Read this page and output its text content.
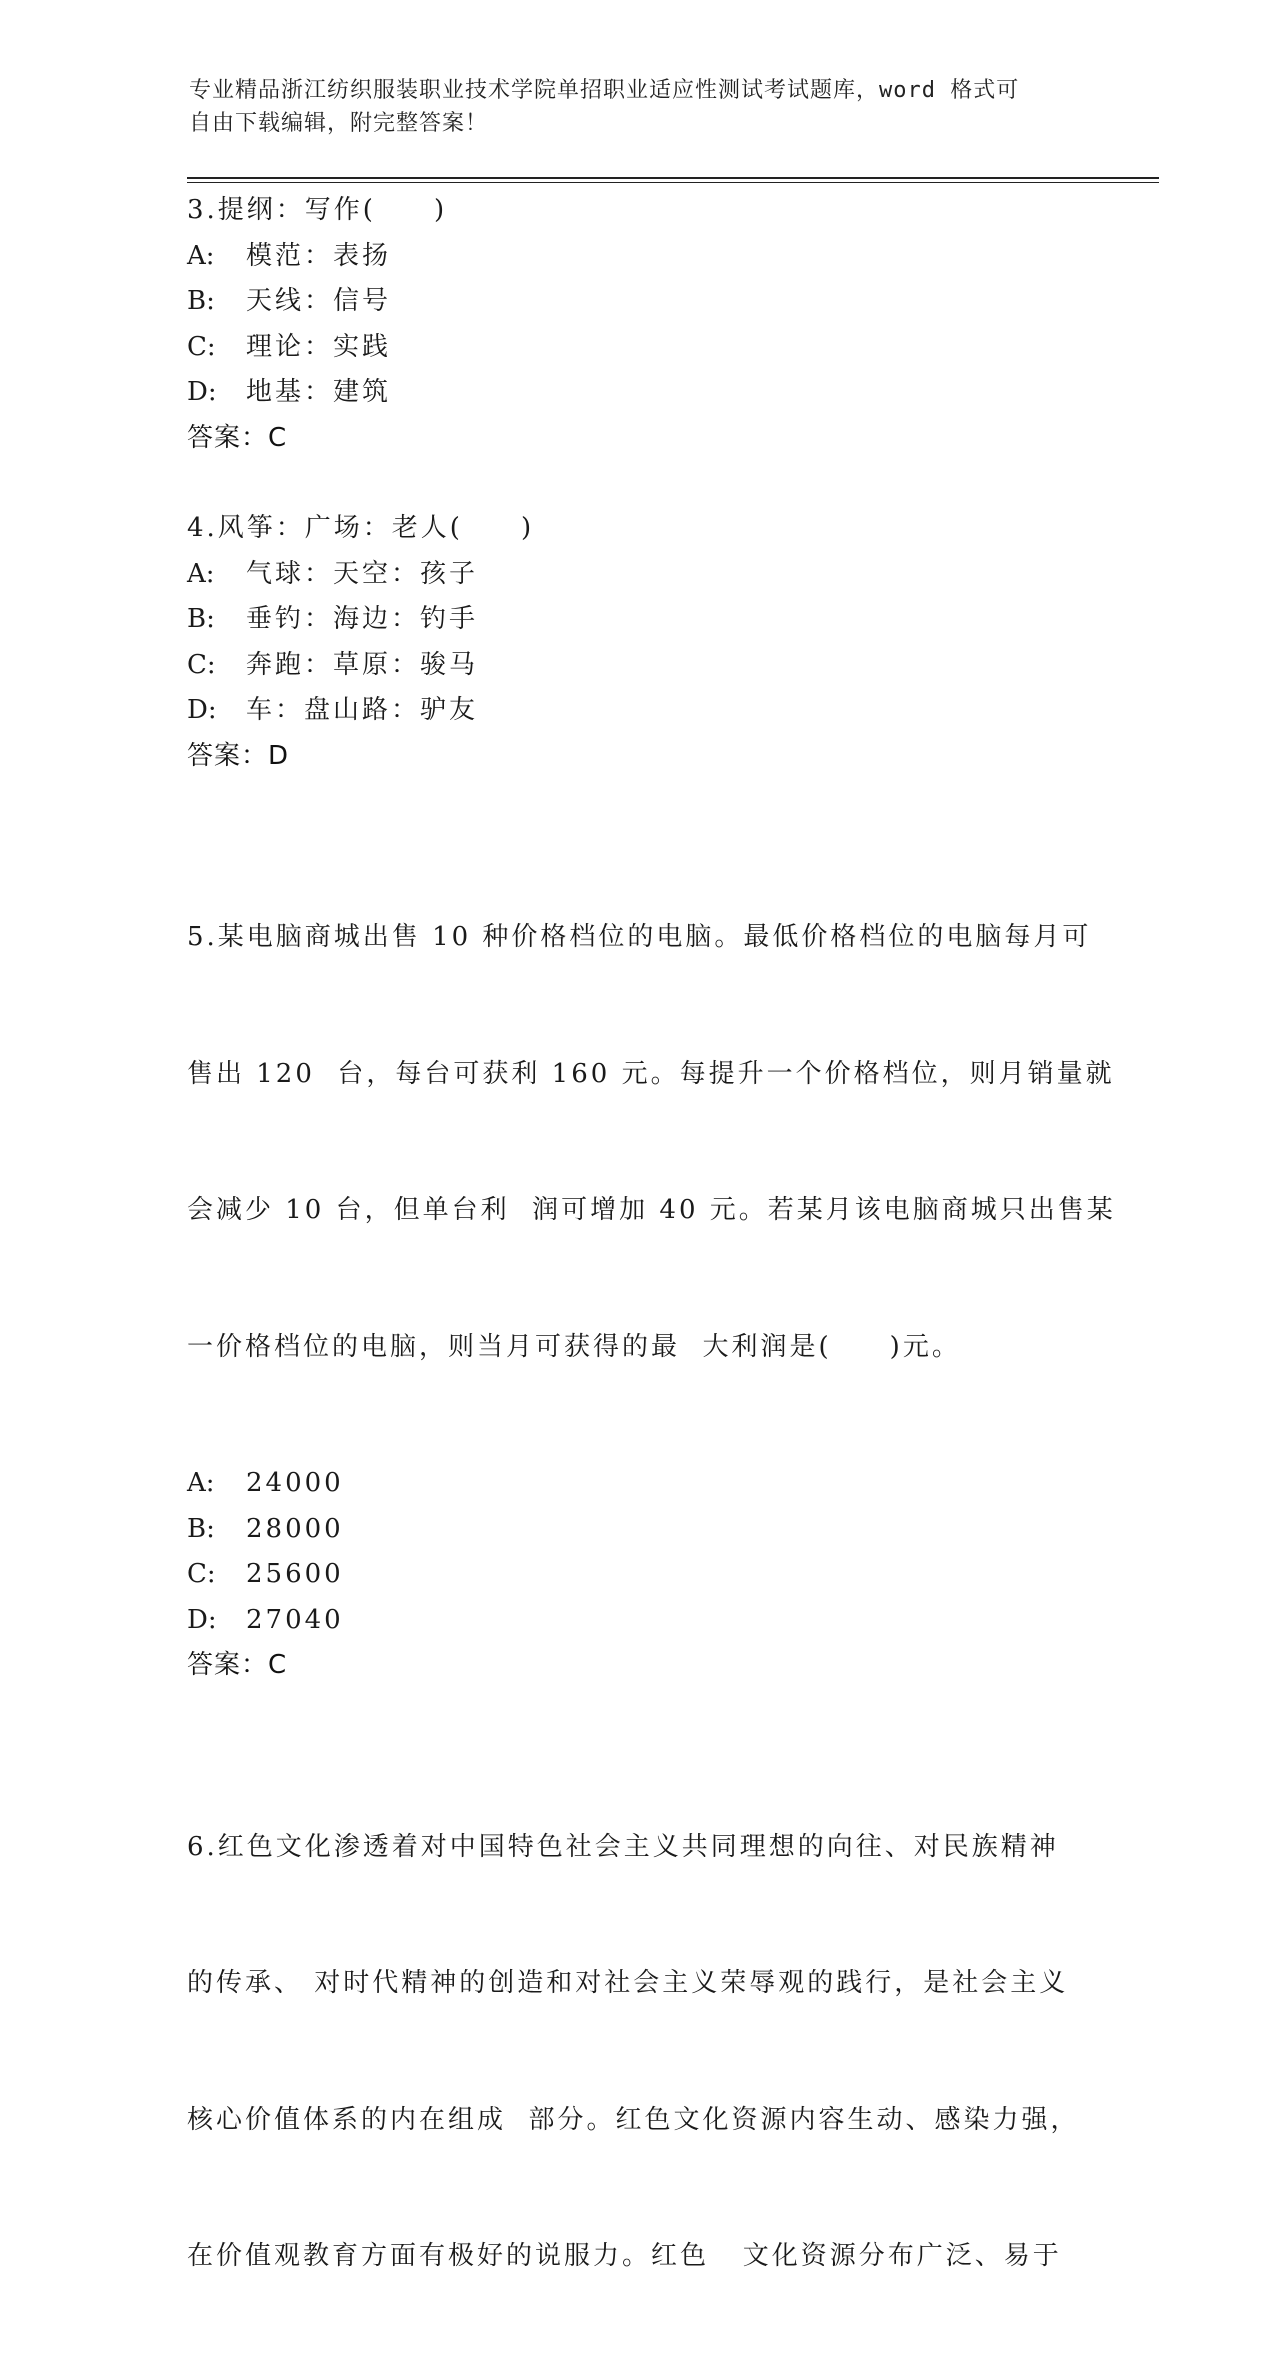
专业精品浙江纺织服装职业技术学院单招职业适应性测试考试题库，word 格式可
自由下载编辑，附完整答案！
3.提纲：写作(　　)
A: 模范：表扬
B: 天线：信号
C: 理论：实践
D: 地基：建筑
答案：C
4.风筝：广场：老人(　　)
A: 气球：天空：孩子
B: 垂钓：海边：钓手
C: 奔跑：草原：骏马
D: 车：盘山路：驴友
答案：D

5.某电脑商城出售 10 种价格档位的电脑。最低价格档位的电脑每月可

售出 120  台，每台可获利 160 元。每提升一个价格档位，则月销量就

会减少 10 台，但单台利  润可增加 40 元。若某月该电脑商城只出售某

一价格档位的电脑，则当月可获得的最  大利润是(　　)元。

A: 24000
B: 28000
C: 25600
D: 27040
答案：C

6.红色文化渗透着对中国特色社会主义共同理想的向往、对民族精神

的传承、 对时代精神的创造和对社会主义荣辱观的践行，是社会主义

核心价值体系的内在组成  部分。红色文化资源内容生动、感染力强，

在价值观教育方面有极好的说服力。红色   文化资源分布广泛、易于
